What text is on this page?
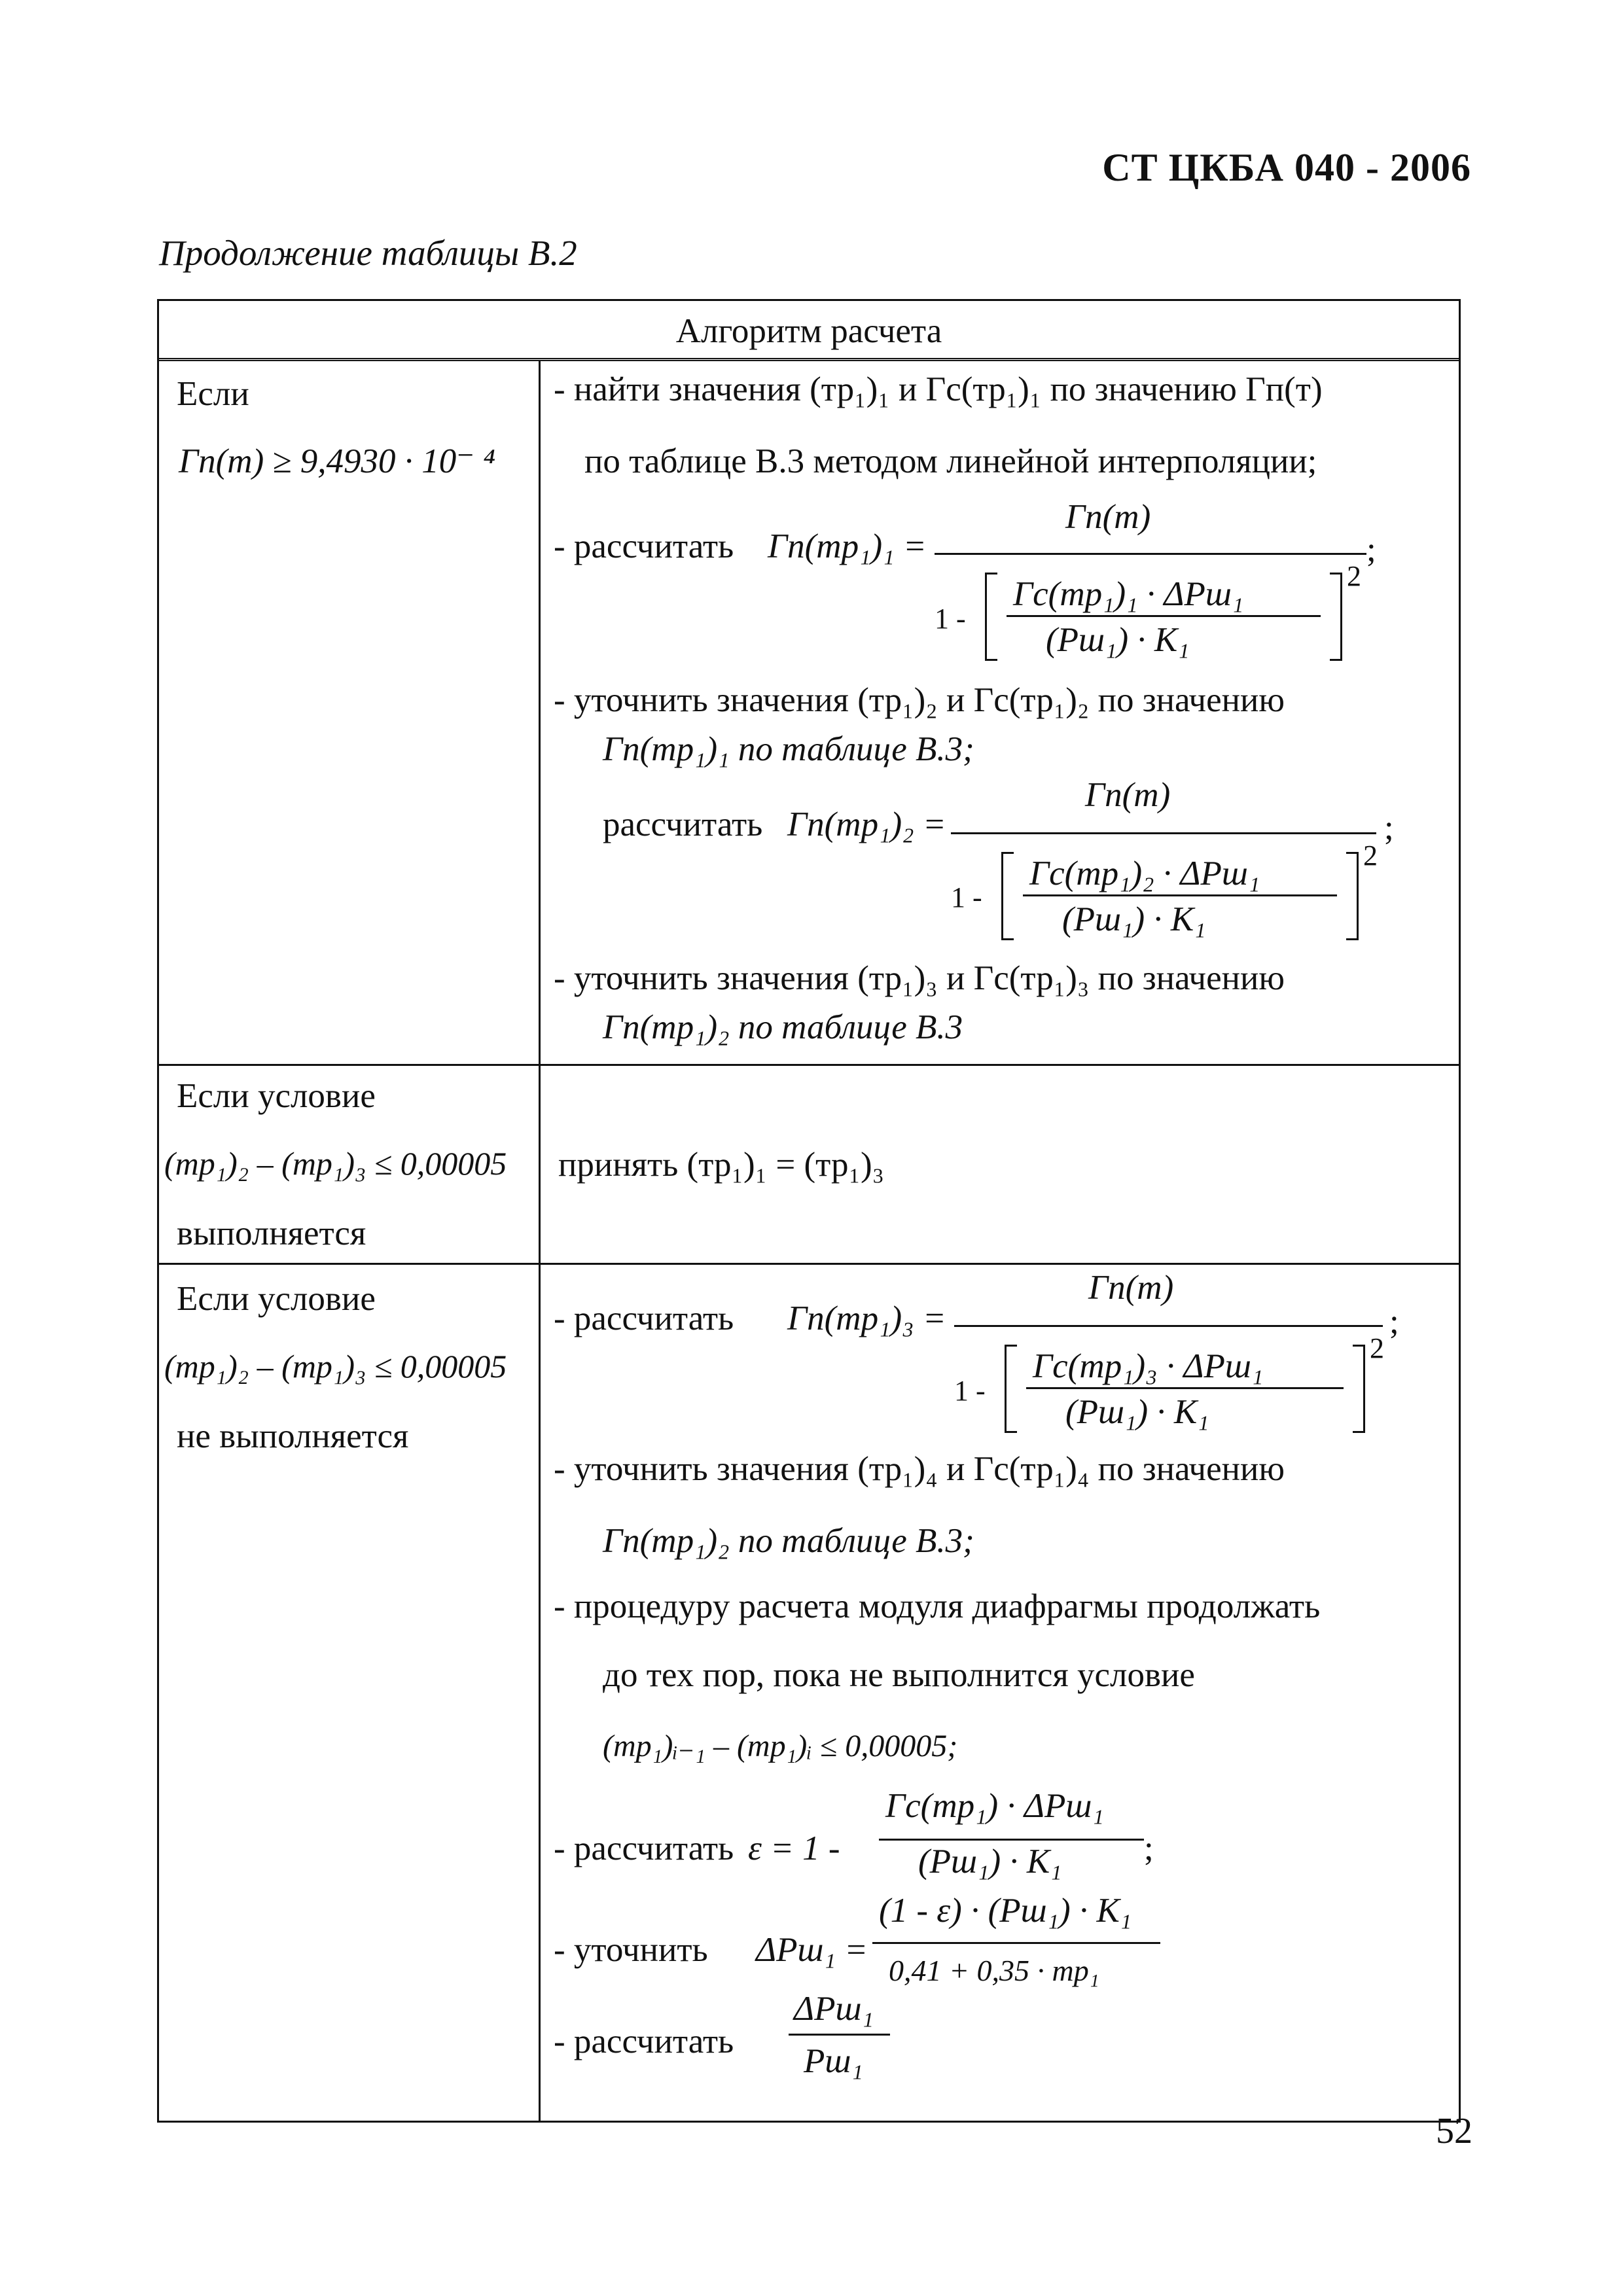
СТ ЦКБА 040 - 2006
Продолжение таблицы В.2
Алгоритм расчета
Если
Гп(т) ≥ 9,4930 · 10⁻ ⁴
- найти значения (тр₁)₁ и Гс(тр₁)₁ по значению Гп(т)
по таблице В.3 методом линейной интерполяции;
- рассчитать Гп(тр₁)₁ =
Гп(т)
1 -
Гс(тр₁)₁ · ΔРш₁
(Рш₁) · К₁
2
;
- уточнить значения (тр₁)₂ и Гс(тр₁)₂ по значению
Гп(тр₁)₁ по таблице В.3;
рассчитать Гп(тр₁)₂ =
Гп(т)
1 -
Гс(тр₁)₂ · ΔРш₁
(Рш₁) · К₁
2
;
- уточнить значения (тр₁)₃ и Гс(тр₁)₃ по значению
Гп(тр₁)₂ по таблице В.3
Если условие
(тр₁)₂ – (тр₁)₃ ≤ 0,00005
выполняется
принять (тр₁)₁ = (тр₁)₃
Если условие
(тр₁)₂ – (тр₁)₃ ≤ 0,00005
не выполняется
- рассчитать Гп(тр₁)₃ =
Гп(т)
1 -
Гс(тр₁)₃ · ΔРш₁
(Рш₁) · К₁
2
;
- уточнить значения (тр₁)₄ и Гс(тр₁)₄ по значению
Гп(тр₁)₂ по таблице В.3;
- процедуру расчета модуля диафрагмы продолжать
до тех пор, пока не выполнится условие
(тр₁)ᵢ₋₁ – (тр₁)ᵢ ≤ 0,00005;
- рассчитать ε = 1 -
Гс(тр₁) · ΔРш₁
(Рш₁) · К₁ ;
- уточнить ΔРш₁ =
(1 - ε) · (Рш₁) · К₁
0,41 + 0,35 · тр₁
- рассчитать
ΔРш₁
Рш₁
52
